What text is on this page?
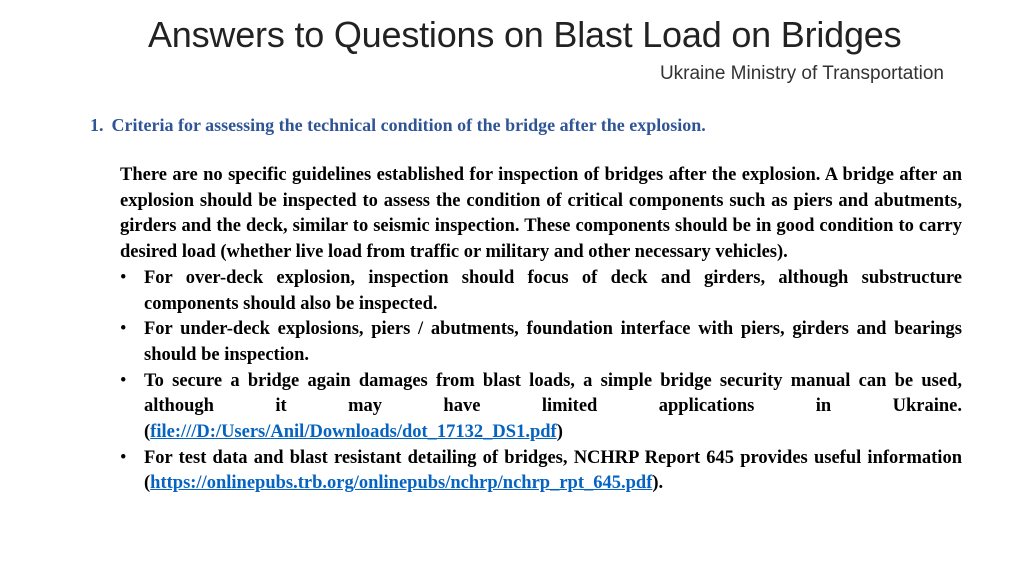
Answers to Questions on Blast Load on Bridges
Ukraine Ministry of Transportation
1. Criteria for assessing the technical condition of the bridge after the explosion.

There are no specific guidelines established for inspection of bridges after the explosion. A bridge after an explosion should be inspected to assess the condition of critical components such as piers and abutments, girders and the deck, similar to seismic inspection. These components should be in good condition to carry desired load (whether live load from traffic or military and other necessary vehicles).

• For over-deck explosion, inspection should focus of deck and girders, although substructure components should also be inspected.
• For under-deck explosions, piers / abutments, foundation interface with piers, girders and bearings should be inspection.
• To secure a bridge again damages from blast loads, a simple bridge security manual can be used, although it may have limited applications in Ukraine. (file:///D:/Users/Anil/Downloads/dot_17132_DS1.pdf)
• For test data and blast resistant detailing of bridges, NCHRP Report 645 provides useful information (https://onlinepubs.trb.org/onlinepubs/nchrp/nchrp_rpt_645.pdf).
